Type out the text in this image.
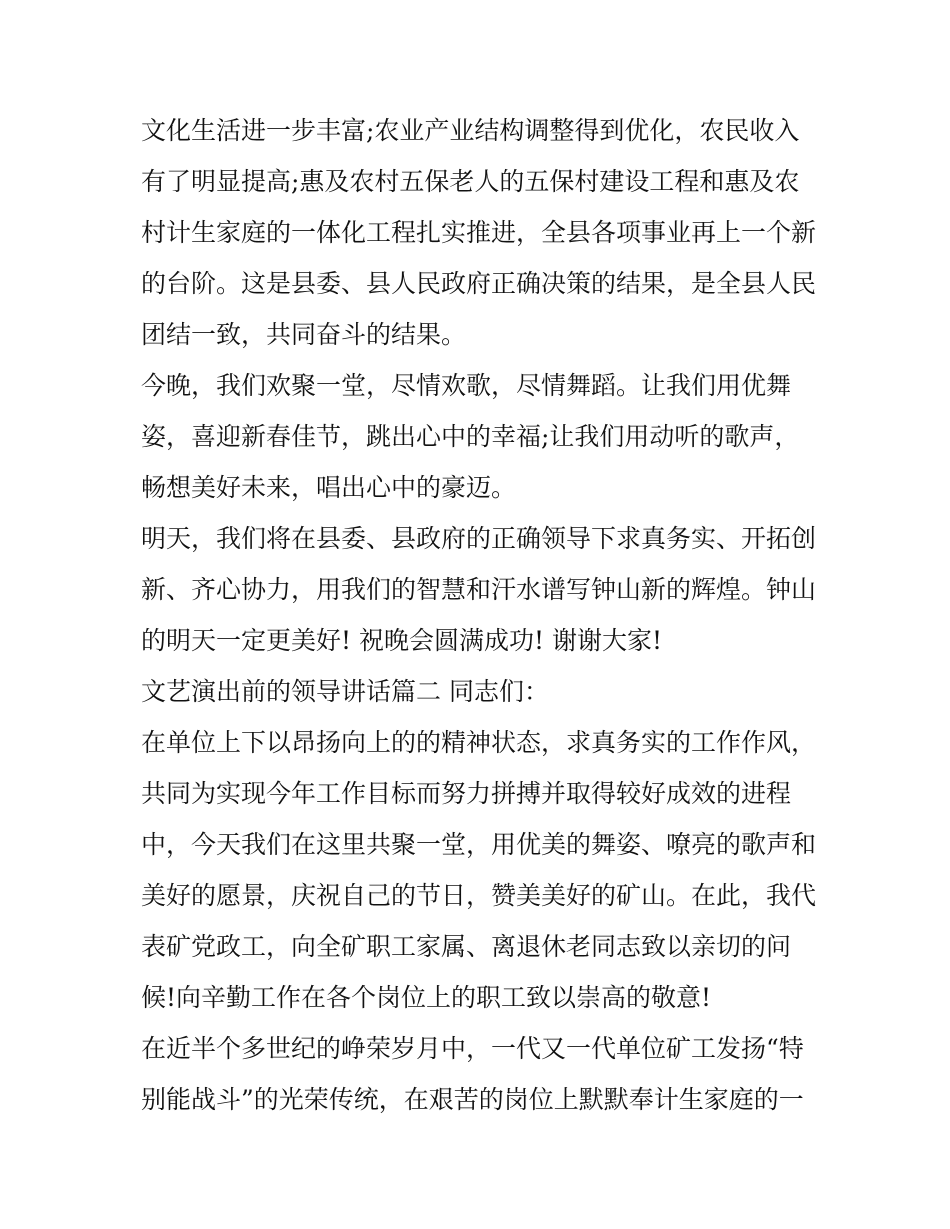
文化生活进一步丰富;农业产业结构调整得到优化，农民收入
有了明显提高;惠及农村五保老人的五保村建设工程和惠及农
村计生家庭的一体化工程扎实推进，全县各项事业再上一个新
的台阶。这是县委、县人民政府正确决策的结果，是全县人民
团结一致，共同奋斗的结果。
今晚，我们欢聚一堂，尽情欢歌，尽情舞蹈。让我们用优舞
姿，喜迎新春佳节，跳出心中的幸福;让我们用动听的歌声，
畅想美好未来，唱出心中的豪迈。
明天，我们将在县委、县政府的正确领导下求真务实、开拓创
新、齐心协力，用我们的智慧和汗水谱写钟山新的辉煌。钟山
的明天一定更美好! 祝晚会圆满成功! 谢谢大家!
文艺演出前的领导讲话篇二 同志们：
在单位上下以昂扬向上的的精神状态，求真务实的工作作风，
共同为实现今年工作目标而努力拼搏并取得较好成效的进程
中，今天我们在这里共聚一堂，用优美的舞姿、嘹亮的歌声和
美好的愿景，庆祝自己的节日，赞美美好的矿山。在此，我代
表矿党政工，向全矿职工家属、离退休老同志致以亲切的问
候!向辛勤工作在各个岗位上的职工致以崇高的敬意!
在近半个多世纪的峥荣岁月中，一代又一代单位矿工发扬“特
别能战斗”的光荣传统，在艰苦的岗位上默默奉计生家庭的一
